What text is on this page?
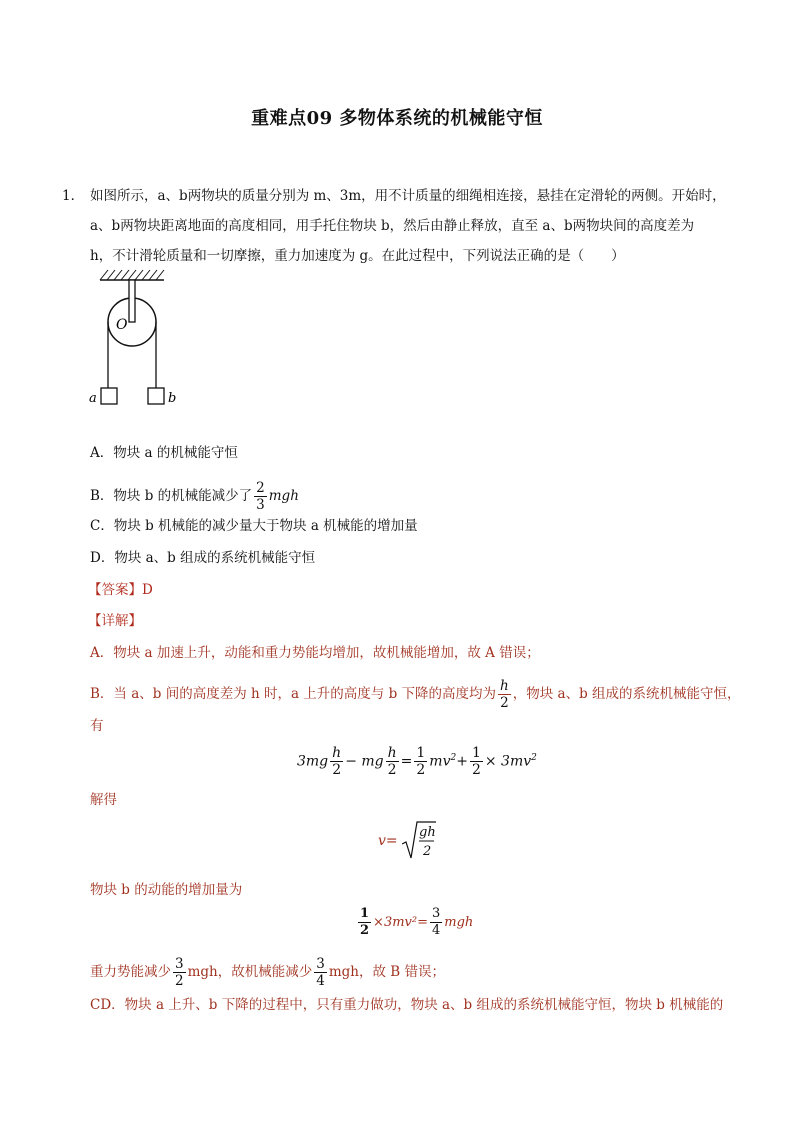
重难点09 多物体系统的机械能守恒
1． 如图所示，a、b两物块的质量分别为 m、3m，用不计质量的细绳相连接，悬挂在定滑轮的两侧。开始时，
a、b两物块距离地面的高度相同，用手托住物块 b，然后由静止释放，直至 a、b两物块间的高度差为
h，不计滑轮质量和一切摩擦，重力加速度为 g。在此过程中，下列说法正确的是（　　）
O
a	b
A．物块 a 的机械能守恒
B．物块 b 的机械能减少了 $\frac{2}{3}$ mgh
C．物块 b 机械能的减少量大于物块 a 机械能的增加量
D．物块 a、b 组成的系统机械能守恒
【答案】D
【详解】
A．物块 a 加速上升，动能和重力势能均增加，故机械能增加，故 A 错误；
B．当 a、b 间的高度差为 h 时，a 上升的高度与 b 下降的高度均为 $\frac{h}{2}$ ，物块 a、b 组成的系统机械能守恒，
有
$3mg \frac{h}{2}$ − mg $\frac{h}{2} = \frac{1}{2} mv^2+ \frac{1}{2} \times 3mv^2$
解得
v=
gh
2
物块 b 的动能的增加量为
$\frac{1}{2} \times 3mv^2= \frac{3}{4}$ mgh
重力势能减少 $\frac{3}{2}$ mgh，故机械能减少 $\frac{3}{4}$ mgh，故 B 错误；
CD．物块 a 上升、b 下降的过程中，只有重力做功，物块 a、b 组成的系统机械能守恒，物块 b 机械能的
